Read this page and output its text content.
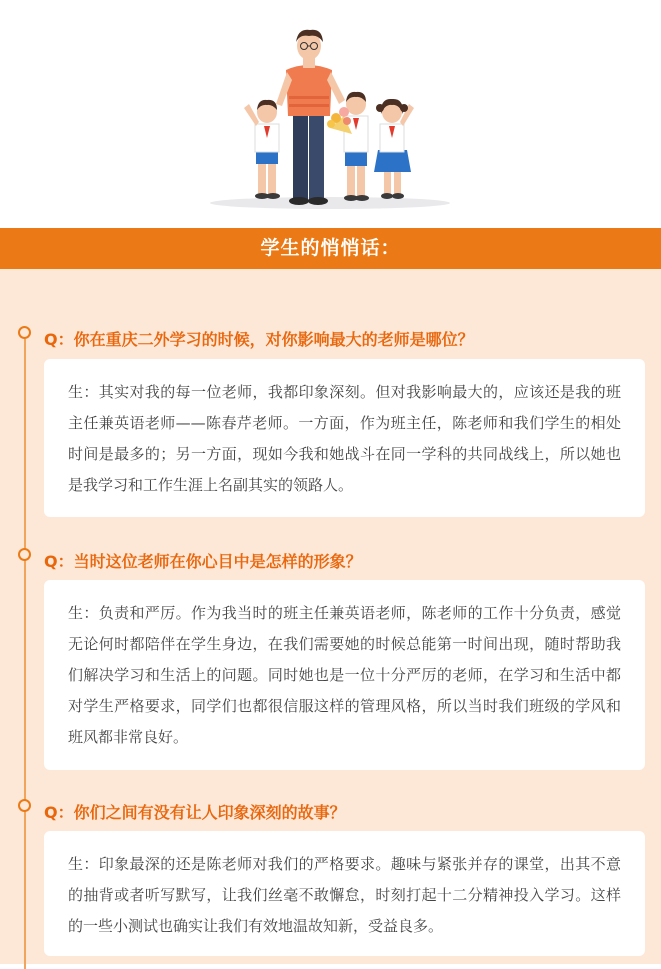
学生的悄悄话：
Q：你在重庆二外学习的时候，对你影响最大的老师是哪位？

生：其实对我的每一位老师，我都印象深刻。但对我影响最大的，应该还是我的班主任兼英语老师——陈春芹老师。一方面，作为班主任，陈老师和我们学生的相处时间是最多的；另一方面，现如今我和她战斗在同一学科的共同战线上，所以她也是我学习和工作生涯上名副其实的领路人。

Q：当时这位老师在你心目中是怎样的形象？

生：负责和严厉。作为我当时的班主任兼英语老师，陈老师的工作十分负责，感觉无论何时都陪伴在学生身边，在我们需要她的时候总能第一时间出现，随时帮助我们解决学习和生活上的问题。同时她也是一位十分严厉的老师，在学习和生活中都对学生严格要求，同学们也都很信服这样的管理风格，所以当时我们班级的学风和班风都非常良好。

Q：你们之间有没有让人印象深刻的故事？

生：印象最深的还是陈老师对我们的严格要求。趣味与紧张并存的课堂，出其不意的抽背或者听写默写，让我们丝毫不敢懈怠，时刻打起十二分精神投入学习。这样的一些小测试也确实让我们有效地温故知新，受益良多。
